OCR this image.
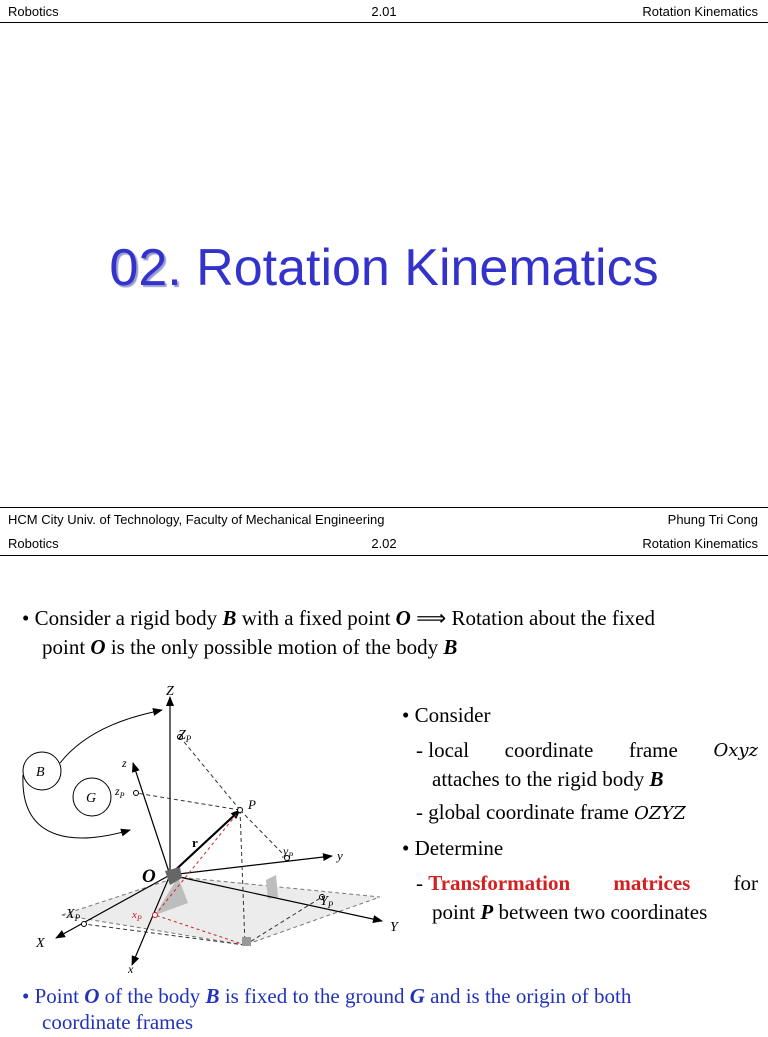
Robotics	2.01	Rotation Kinematics
02. Rotation Kinematics
HCM City Univ. of Technology, Faculty of Mechanical Engineering	Phung Tri Cong
Robotics	2.02	Rotation Kinematics
• Consider a rigid body B with a fixed point O ⟹ Rotation about the fixed
point O is the only possible motion of the body B
Z
$Z_P$
z
$z_P$
B
G	P
r
O
$y_P$	y
$X_P$	$x_P$
$Y_P$
Y
X
x
• Consider
- local coordinate frame Oxyz
attaches to the rigid body B
- global coordinate frame OZYZ
• Determine
- Transformation matrices for
point P between two coordinates
• Point O of the body B is fixed to the ground G and is the origin of both
coordinate frames
